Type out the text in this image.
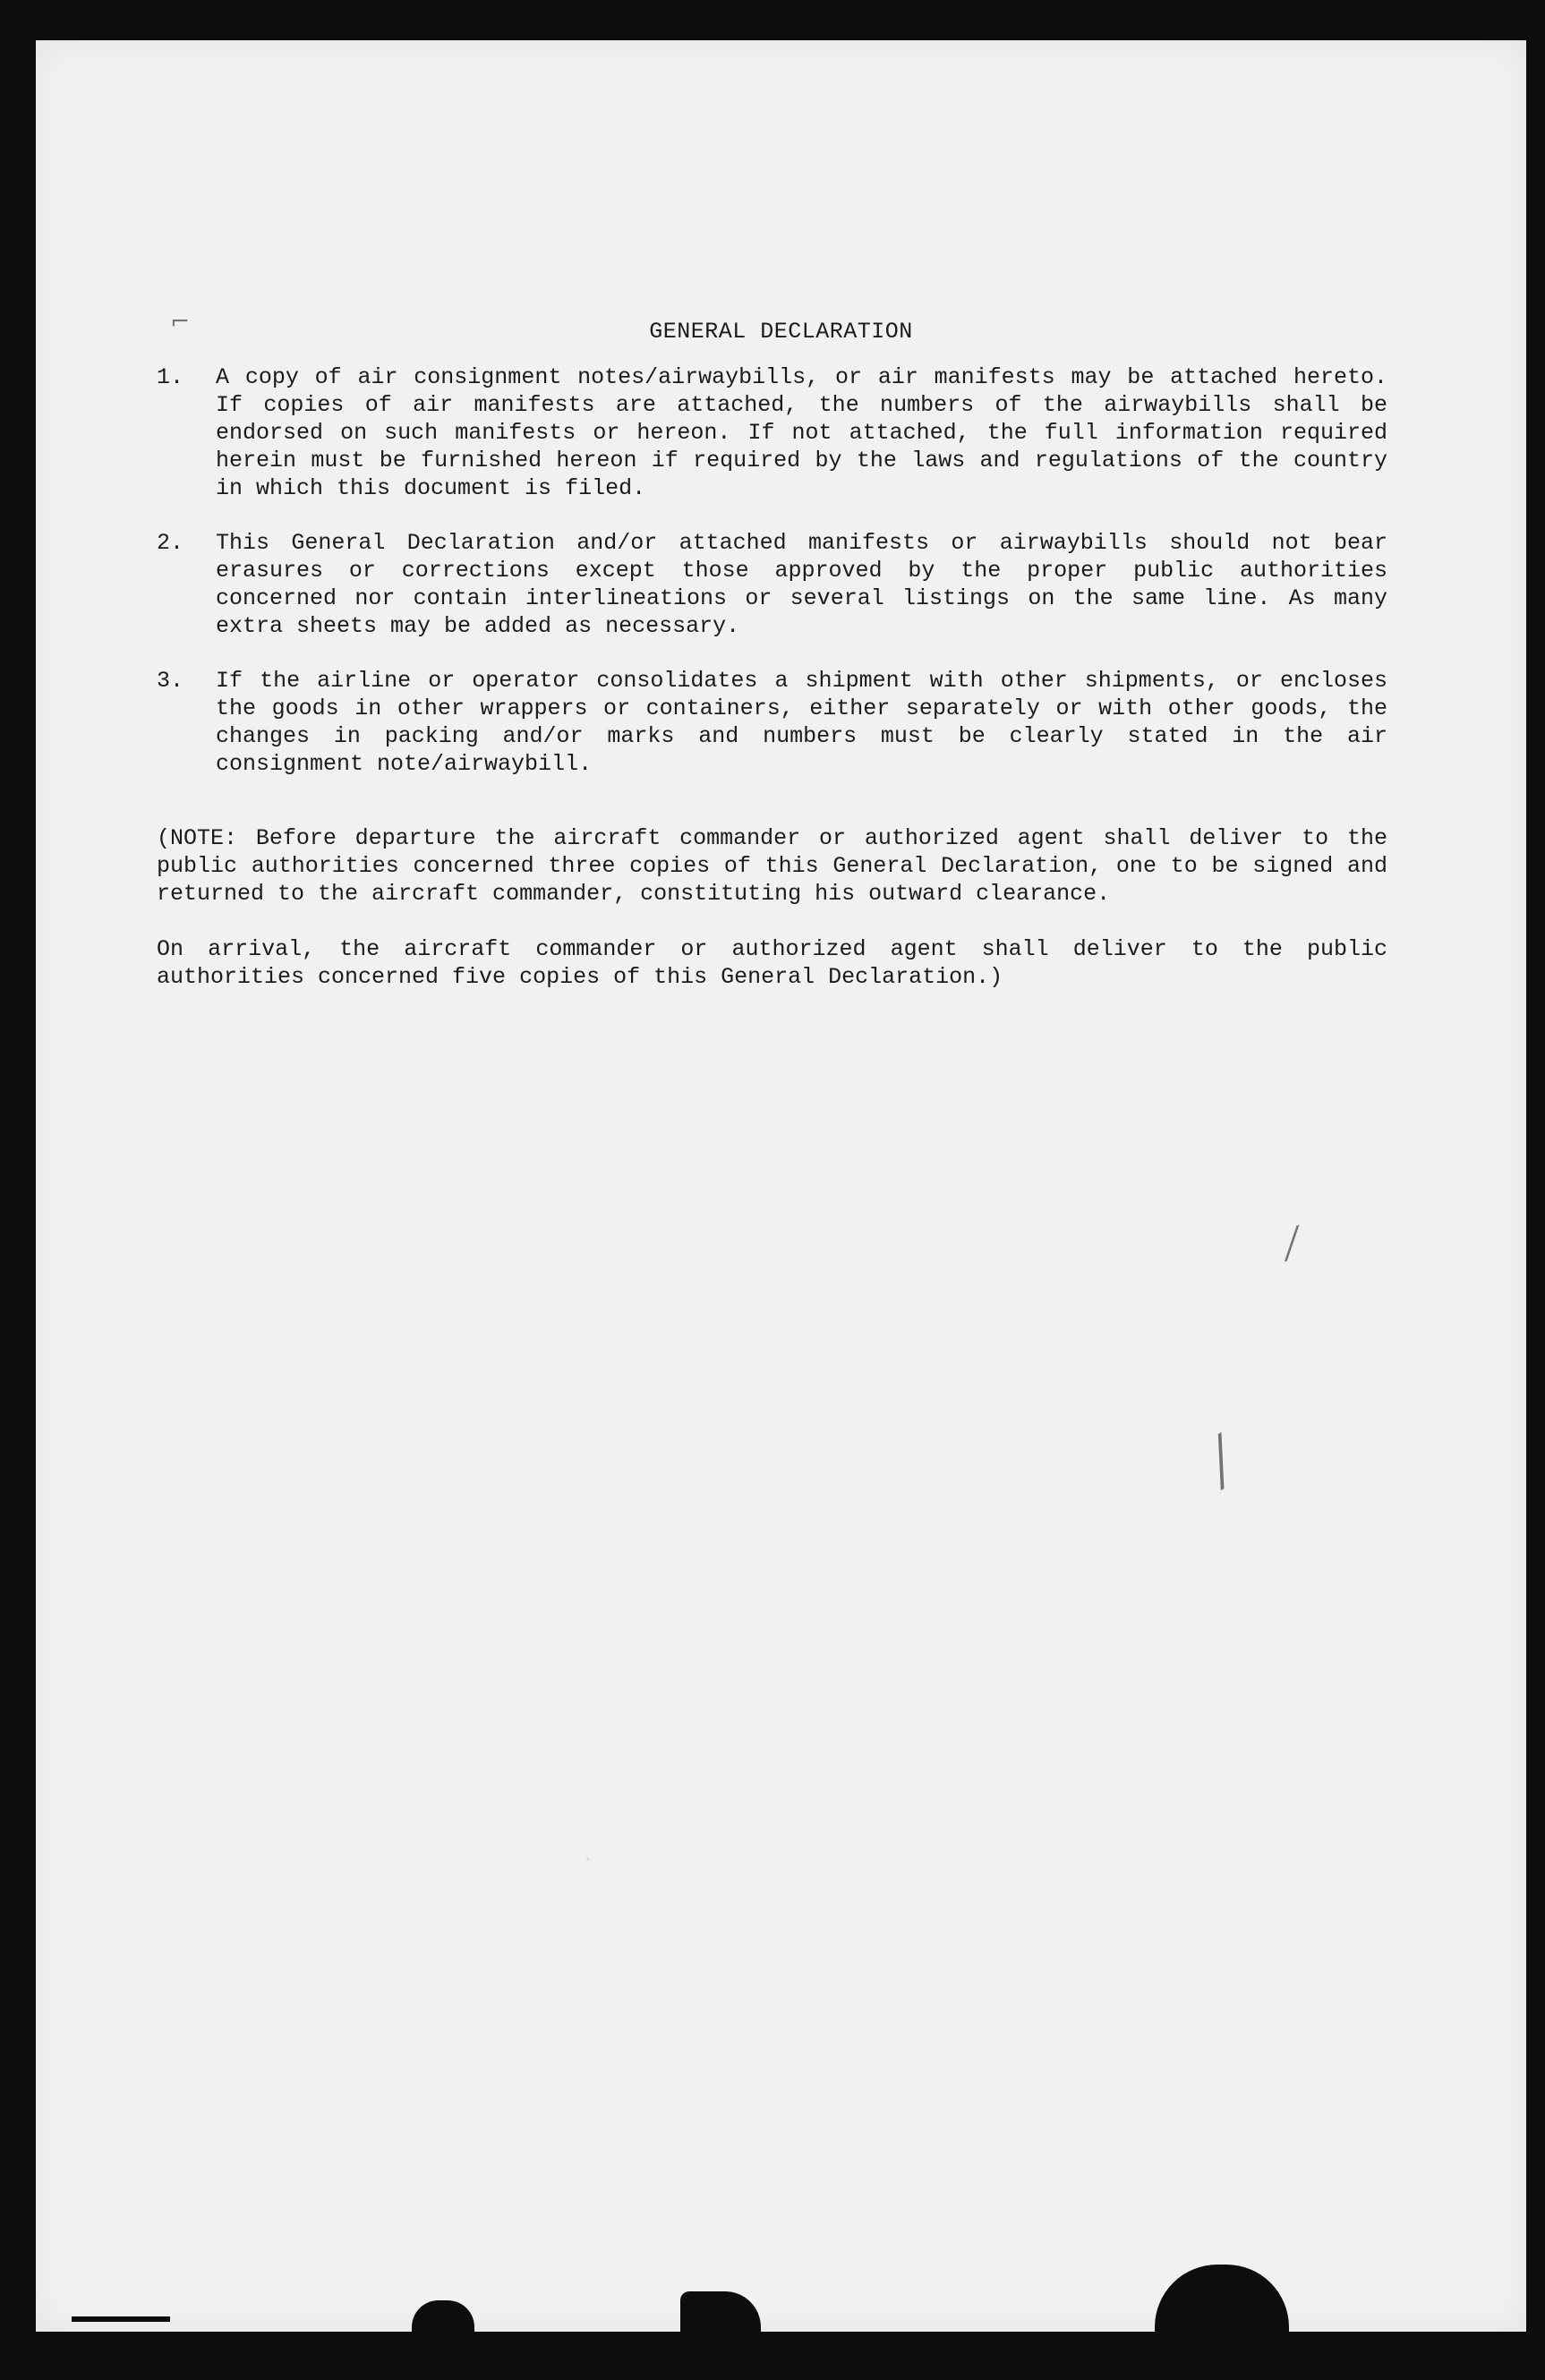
·
⌐
⁄
╱
GENERAL DECLARATION
1.	A copy of air consignment notes/airwaybills, or air manifests may be attached hereto. If copies of air manifests are attached, the numbers of the airwaybills shall be endorsed on such manifests or hereon. If not attached, the full information required herein must be furnished hereon if required by the laws and regulations of the country in which this document is filed.
2.	This General Declaration and/or attached manifests or airwaybills should not bear erasures or corrections except those approved by the proper public authorities concerned nor contain interlineations or several listings on the same line. As many extra sheets may be added as necessary.
3.	If the airline or operator consolidates a shipment with other shipments, or encloses the goods in other wrappers or containers, either separately or with other goods, the changes in packing and/or marks and numbers must be clearly stated in the air consignment note/airwaybill.

(NOTE: Before departure the aircraft commander or authorized agent shall deliver to the public authorities concerned three copies of this General Declaration, one to be signed and returned to the aircraft commander, constituting his outward clearance.

On arrival, the aircraft commander or authorized agent shall deliver to the public authorities concerned five copies of this General Declaration.)
